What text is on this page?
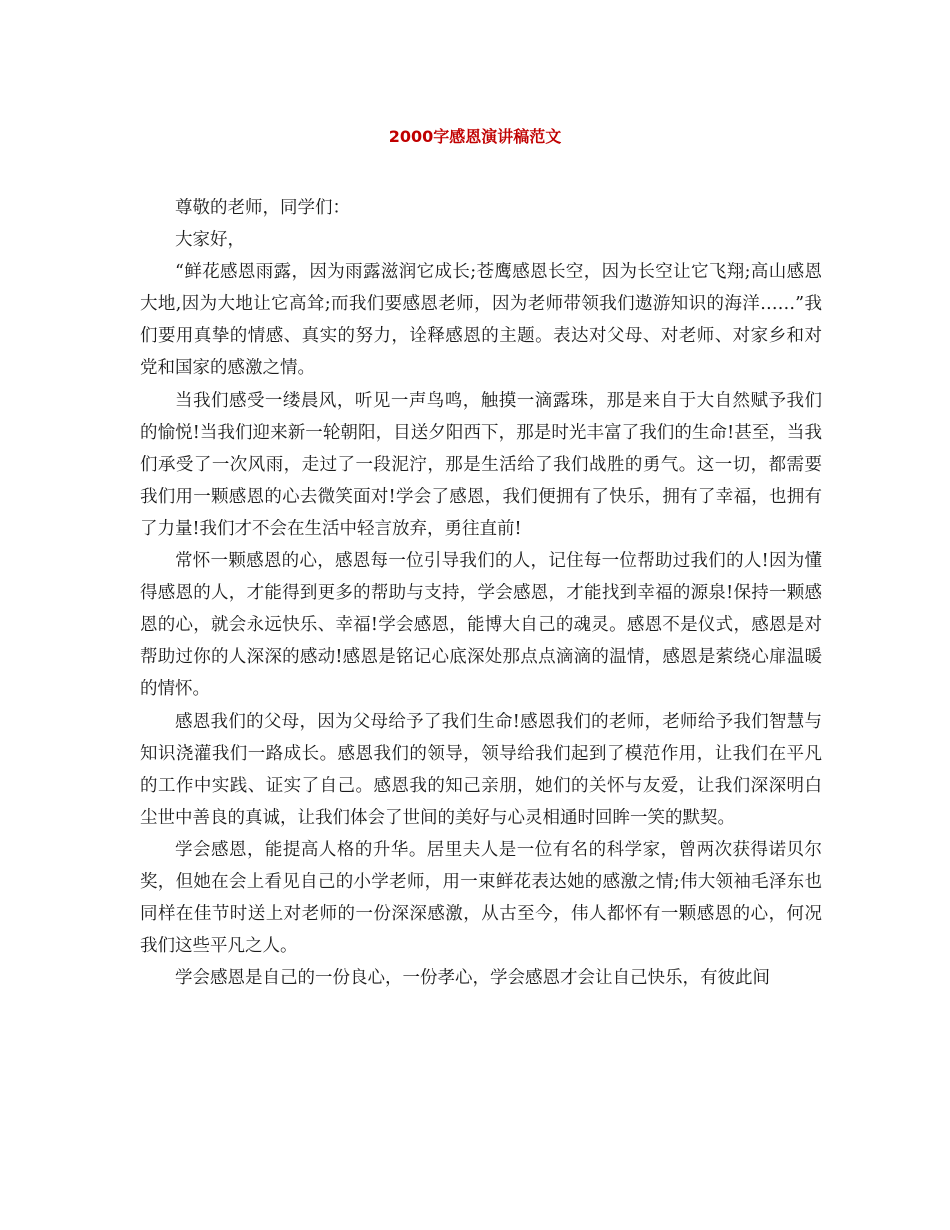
2000字感恩演讲稿范文

尊敬的老师，同学们：

大家好，

“鲜花感恩雨露，因为雨露滋润它成长;苍鹰感恩长空，因为长空让它飞翔;高山感恩大地,因为大地让它高耸;而我们要感恩老师，因为老师带领我们遨游知识的海洋……”我们要用真挚的情感、真实的努力，诠释感恩的主题。表达对父母、对老师、对家乡和对党和国家的感激之情。

当我们感受一缕晨风，听见一声鸟鸣，触摸一滴露珠，那是来自于大自然赋予我们的愉悦!当我们迎来新一轮朝阳，目送夕阳西下，那是时光丰富了我们的生命!甚至，当我们承受了一次风雨，走过了一段泥泞，那是生活给了我们战胜的勇气。这一切，都需要我们用一颗感恩的心去微笑面对!学会了感恩，我们便拥有了快乐，拥有了幸福，也拥有了力量!我们才不会在生活中轻言放弃，勇往直前!

常怀一颗感恩的心，感恩每一位引导我们的人，记住每一位帮助过我们的人!因为懂得感恩的人，才能得到更多的帮助与支持，学会感恩，才能找到幸福的源泉!保持一颗感恩的心，就会永远快乐、幸福!学会感恩，能博大自己的魂灵。感恩不是仪式，感恩是对帮助过你的人深深的感动!感恩是铭记心底深处那点点滴滴的温情，感恩是萦绕心扉温暖的情怀。

感恩我们的父母，因为父母给予了我们生命!感恩我们的老师，老师给予我们智慧与知识浇灌我们一路成长。感恩我们的领导，领导给我们起到了模范作用，让我们在平凡的工作中实践、证实了自己。感恩我的知己亲朋，她们的关怀与友爱，让我们深深明白尘世中善良的真诚，让我们体会了世间的美好与心灵相通时回眸一笑的默契。

学会感恩，能提高人格的升华。居里夫人是一位有名的科学家，曾两次获得诺贝尔奖，但她在会上看见自己的小学老师，用一束鲜花表达她的感激之情;伟大领袖毛泽东也同样在佳节时送上对老师的一份深深感激，从古至今，伟人都怀有一颗感恩的心，何况我们这些平凡之人。

学会感恩是自己的一份良心，一份孝心，学会感恩才会让自己快乐，有彼此间
